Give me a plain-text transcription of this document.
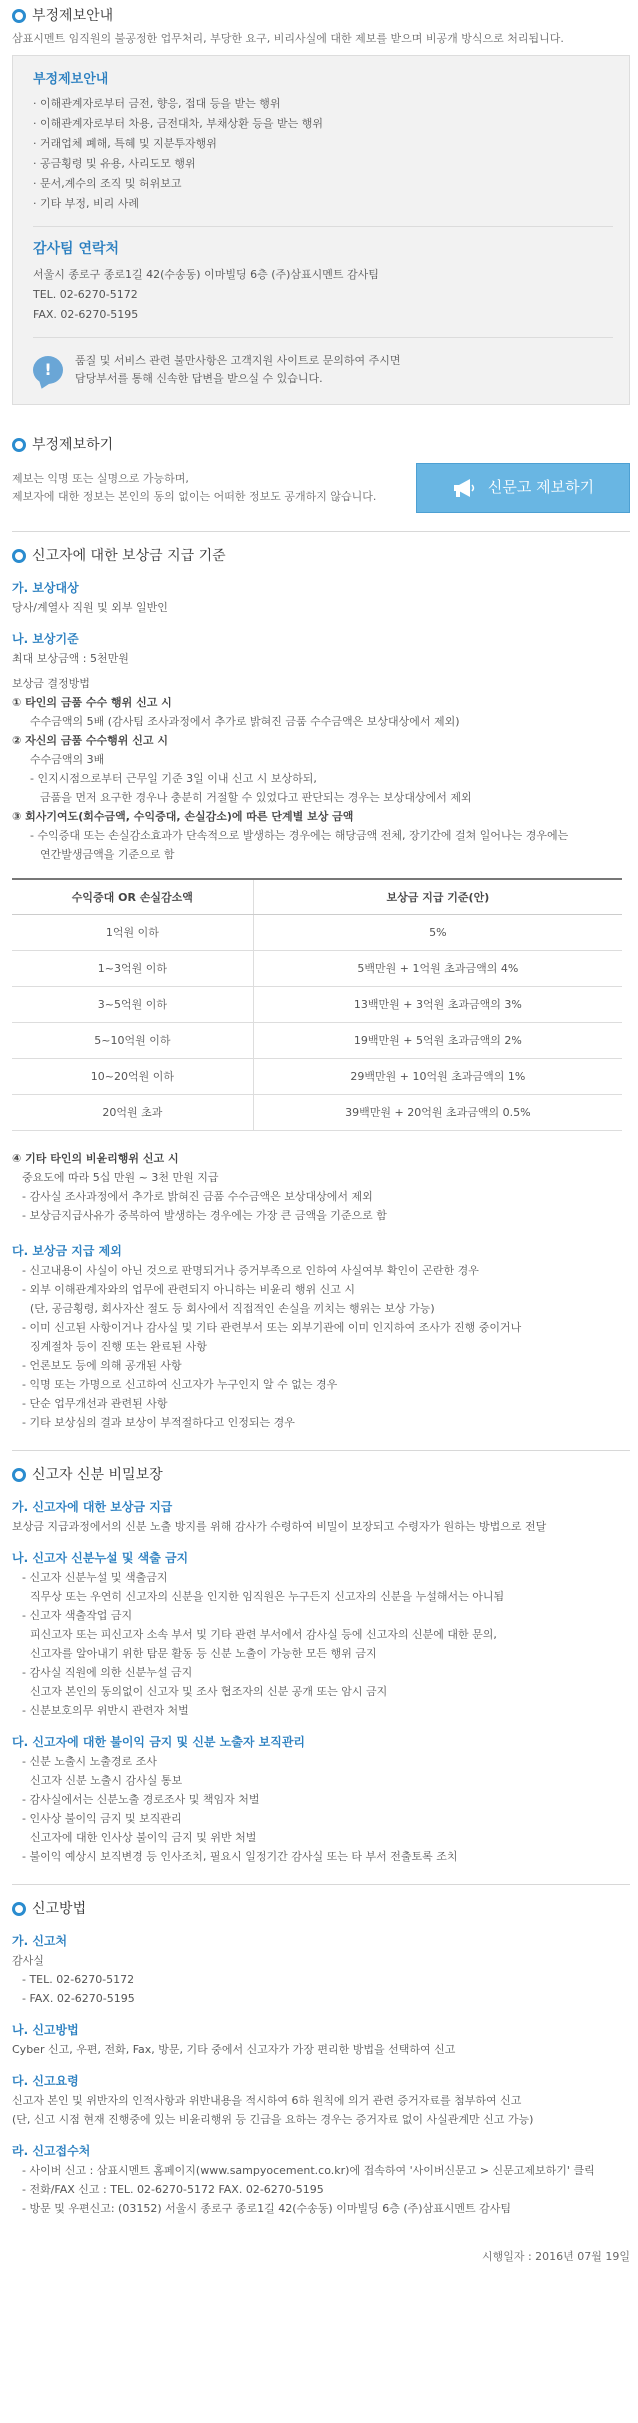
부정제보안내
삼표시멘트 임직원의 불공정한 업무처리, 부당한 요구, 비리사실에 대한 제보를 받으며 비공개 방식으로 처리됩니다.
부정제보안내
· 이해관계자로부터 금전, 향응, 접대 등을 받는 행위
· 이해관계자로부터 차용, 금전대차, 부채상환 등을 받는 행위
· 거래업체 폐해, 특혜 및 지분투자행위
· 공금횡령 및 유용, 사리도모 행위
· 문서,계수의 조직 및 허위보고
· 기타 부정, 비리 사례
감사팀 연락처
서울시 종로구 종로1길 42(수송동) 이마빌딩 6층 (주)삼표시멘트 감사팀
TEL. 02-6270-5172
FAX. 02-6270-5195
!	품질 및 서비스 관련 불만사항은 고객지원 사이트로 문의하여 주시면
담당부서를 통해 신속한 답변을 받으실 수 있습니다.
부정제보하기
제보는 익명 또는 실명으로 가능하며,
제보자에 대한 정보는 본인의 동의 없이는 어떠한 정보도 공개하지 않습니다.
신문고 제보하기
신고자에 대한 보상금 지급 기준
가. 보상대상
당사/계열사 직원 및 외부 일반인
나. 보상기준
최대 보상금액 : 5천만원
보상금 결정방법
① 타인의 금품 수수 행위 신고 시
수수금액의 5배 (감사팀 조사과정에서 추가로 밝혀진 금품 수수금액은 보상대상에서 제외)
② 자신의 금품 수수행위 신고 시
수수금액의 3배
- 인지시점으로부터 근무일 기준 3일 이내 신고 시 보상하되,
금품을 먼저 요구한 경우나 충분히 거절할 수 있었다고 판단되는 경우는 보상대상에서 제외
③ 회사기여도(회수금액, 수익증대, 손실감소)에 따른 단계별 보상 금액
- 수익증대 또는 손실감소효과가 단속적으로 발생하는 경우에는 해당금액 전체, 장기간에 걸쳐 일어나는 경우에는
연간발생금액을 기준으로 함
수익증대 OR 손실감소액	보상금 지급 기준(안)
1억원 이하	5%
1~3억원 이하	5백만원 + 1억원 초과금액의 4%
3~5억원 이하	13백만원 + 3억원 초과금액의 3%
5~10억원 이하	19백만원 + 5억원 초과금액의 2%
10~20억원 이하	29백만원 + 10억원 초과금액의 1%
20억원 초과	39백만원 + 20억원 초과금액의 0.5%
④ 기타 타인의 비윤리행위 신고 시
중요도에 따라 5십 만원 ~ 3천 만원 지급
- 감사실 조사과정에서 추가로 밝혀진 금품 수수금액은 보상대상에서 제외
- 보상금지급사유가 중복하여 발생하는 경우에는 가장 큰 금액을 기준으로 함
다. 보상금 지급 제외
- 신고내용이 사실이 아닌 것으로 판명되거나 증거부족으로 인하여 사실여부 확인이 곤란한 경우
- 외부 이해관계자와의 업무에 관련되지 아니하는 비윤리 행위 신고 시
(단, 공금횡령, 회사자산 절도 등 회사에서 직접적인 손실을 끼치는 행위는 보상 가능)
- 이미 신고된 사항이거나 감사실 및 기타 관련부서 또는 외부기관에 이미 인지하여 조사가 진행 중이거나
징계절차 등이 진행 또는 완료된 사항
- 언론보도 등에 의해 공개된 사항
- 익명 또는 가명으로 신고하여 신고자가 누구인지 알 수 없는 경우
- 단순 업무개선과 관련된 사항
- 기타 보상심의 결과 보상이 부적절하다고 인정되는 경우
신고자 신분 비밀보장
가. 신고자에 대한 보상금 지급
보상금 지급과정에서의 신분 노출 방지를 위해 감사가 수령하여 비밀이 보장되고 수령자가 원하는 방법으로 전달
나. 신고자 신분누설 및 색출 금지
- 신고자 신분누설 및 색출금지
직무상 또는 우연히 신고자의 신분을 인지한 임직원은 누구든지 신고자의 신분을 누설해서는 아니됨
- 신고자 색출작업 금지
피신고자 또는 피신고자 소속 부서 및 기타 관련 부서에서 감사실 등에 신고자의 신분에 대한 문의,
신고자를 알아내기 위한 탐문 활동 등 신분 노출이 가능한 모든 행위 금지
- 감사실 직원에 의한 신분누설 금지
신고자 본인의 동의없이 신고자 및 조사 협조자의 신분 공개 또는 암시 금지
- 신분보호의무 위반시 관련자 처벌
다. 신고자에 대한 불이익 금지 및 신분 노출자 보직관리
- 신분 노출시 노출경로 조사
신고자 신분 노출시 감사실 통보
- 감사실에서는 신분노출 경로조사 및 책임자 처벌
- 인사상 불이익 금지 및 보직관리
신고자에 대한 인사상 불이익 금지 및 위반 처벌
- 불이익 예상시 보직변경 등 인사조치, 필요시 일정기간 감사실 또는 타 부서 전출토록 조치
신고방법
가. 신고처
감사실
- TEL. 02-6270-5172
- FAX. 02-6270-5195
나. 신고방법
Cyber 신고, 우편, 전화, Fax, 방문, 기타 중에서 신고자가 가장 편리한 방법을 선택하여 신고
다. 신고요령
신고자 본인 및 위반자의 인적사항과 위반내용을 적시하여 6하 원칙에 의거 관련 증거자료를 첨부하여 신고
(단, 신고 시점 현재 진행중에 있는 비윤리행위 등 긴급을 요하는 경우는 증거자료 없이 사실관계만 신고 가능)
라. 신고접수처
- 사이버 신고 : 삼표시멘트 홈페이지(www.sampyocement.co.kr)에 접속하여 '사이버신문고 > 신문고제보하기' 클릭
- 전화/FAX 신고 : TEL. 02-6270-5172 FAX. 02-6270-5195
- 방문 및 우편신고: (03152) 서울시 종로구 종로1길 42(수송동) 이마빌딩 6층 (주)삼표시멘트 감사팀
시행일자 : 2016년 07월 19일
